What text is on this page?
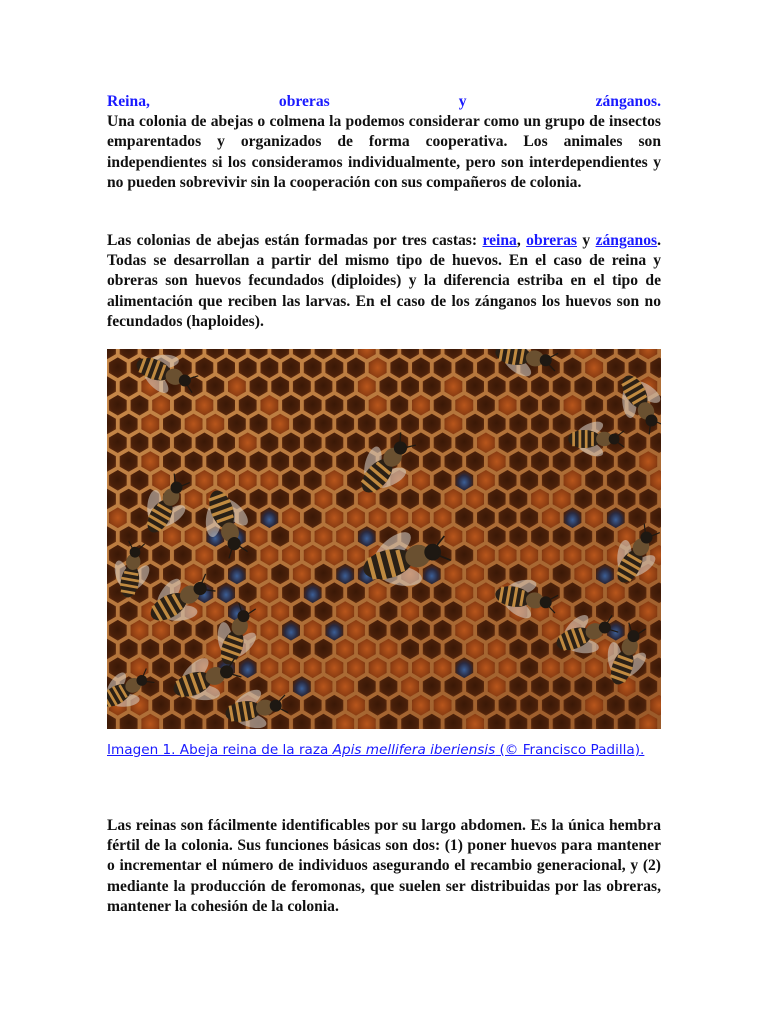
Reina, obreras y zánganos.

Una colonia de abejas o colmena la podemos considerar como un grupo de insectos emparentados y organizados de forma cooperativa. Los animales son independientes si los consideramos individualmente, pero son interdependientes y no pueden sobrevivir sin la cooperación con sus compañeros de colonia.

Las colonias de abejas están formadas por tres castas: reina, obreras y zánganos. Todas se desarrollan a partir del mismo tipo de huevos. En el caso de reina y obreras son huevos fecundados (diploides) y la diferencia estriba en el tipo de alimentación que reciben las larvas. En el caso de los zánganos los huevos son no fecundados (haploides).

Imagen 1. Abeja reina de la raza Apis mellifera iberiensis (© Francisco Padilla).

Las reinas son fácilmente identificables por su largo abdomen. Es la única hembra fértil de la colonia. Sus funciones básicas son dos: (1) poner huevos para mantener o incrementar el número de individuos asegurando el recambio generacional, y (2) mediante la producción de feromonas, que suelen ser distribuidas por las obreras, mantener la cohesión de la colonia.
